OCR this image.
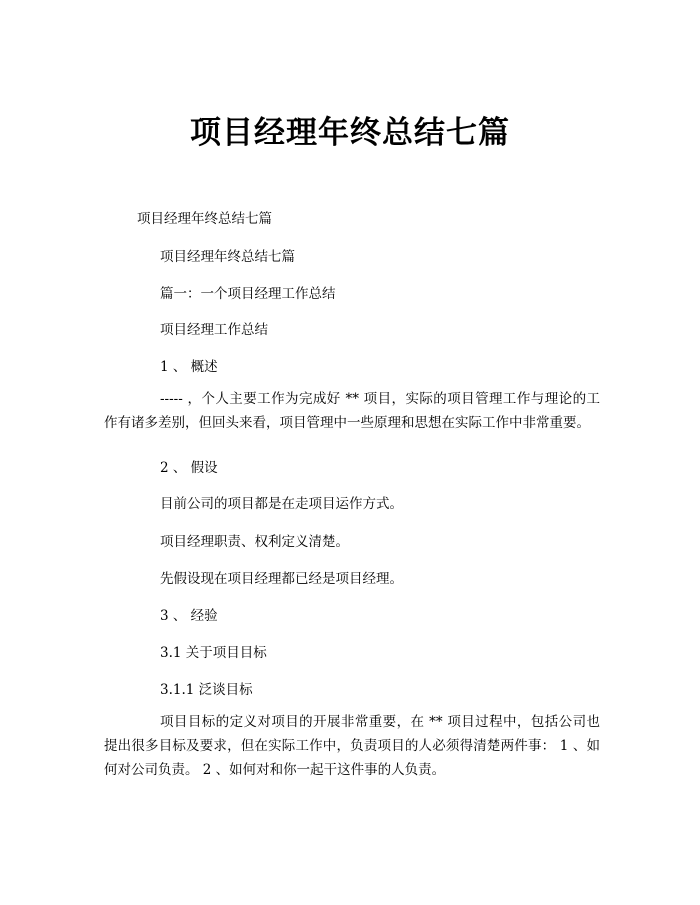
项目经理年终总结七篇
项目经理年终总结七篇
项目经理年终总结七篇
篇一：一个项目经理工作总结
项目经理工作总结
1 、 概述
----- ，个人主要工作为完成好 ** 项目，实际的项目管理工作与理论的工作有诸多差别，但回头来看，项目管理中一些原理和思想在实际工作中非常重要。
2 、 假设
目前公司的项目都是在走项目运作方式。
项目经理职责、权利定义清楚。
先假设现在项目经理都已经是项目经理。
3 、 经验
3.1 关于项目目标
3.1.1 泛谈目标
项目目标的定义对项目的开展非常重要，在 ** 项目过程中，包括公司也提出很多目标及要求，但在实际工作中，负责项目的人必须得清楚两件事： 1 、如何对公司负责。 2 、如何对和你一起干这件事的人负责。
